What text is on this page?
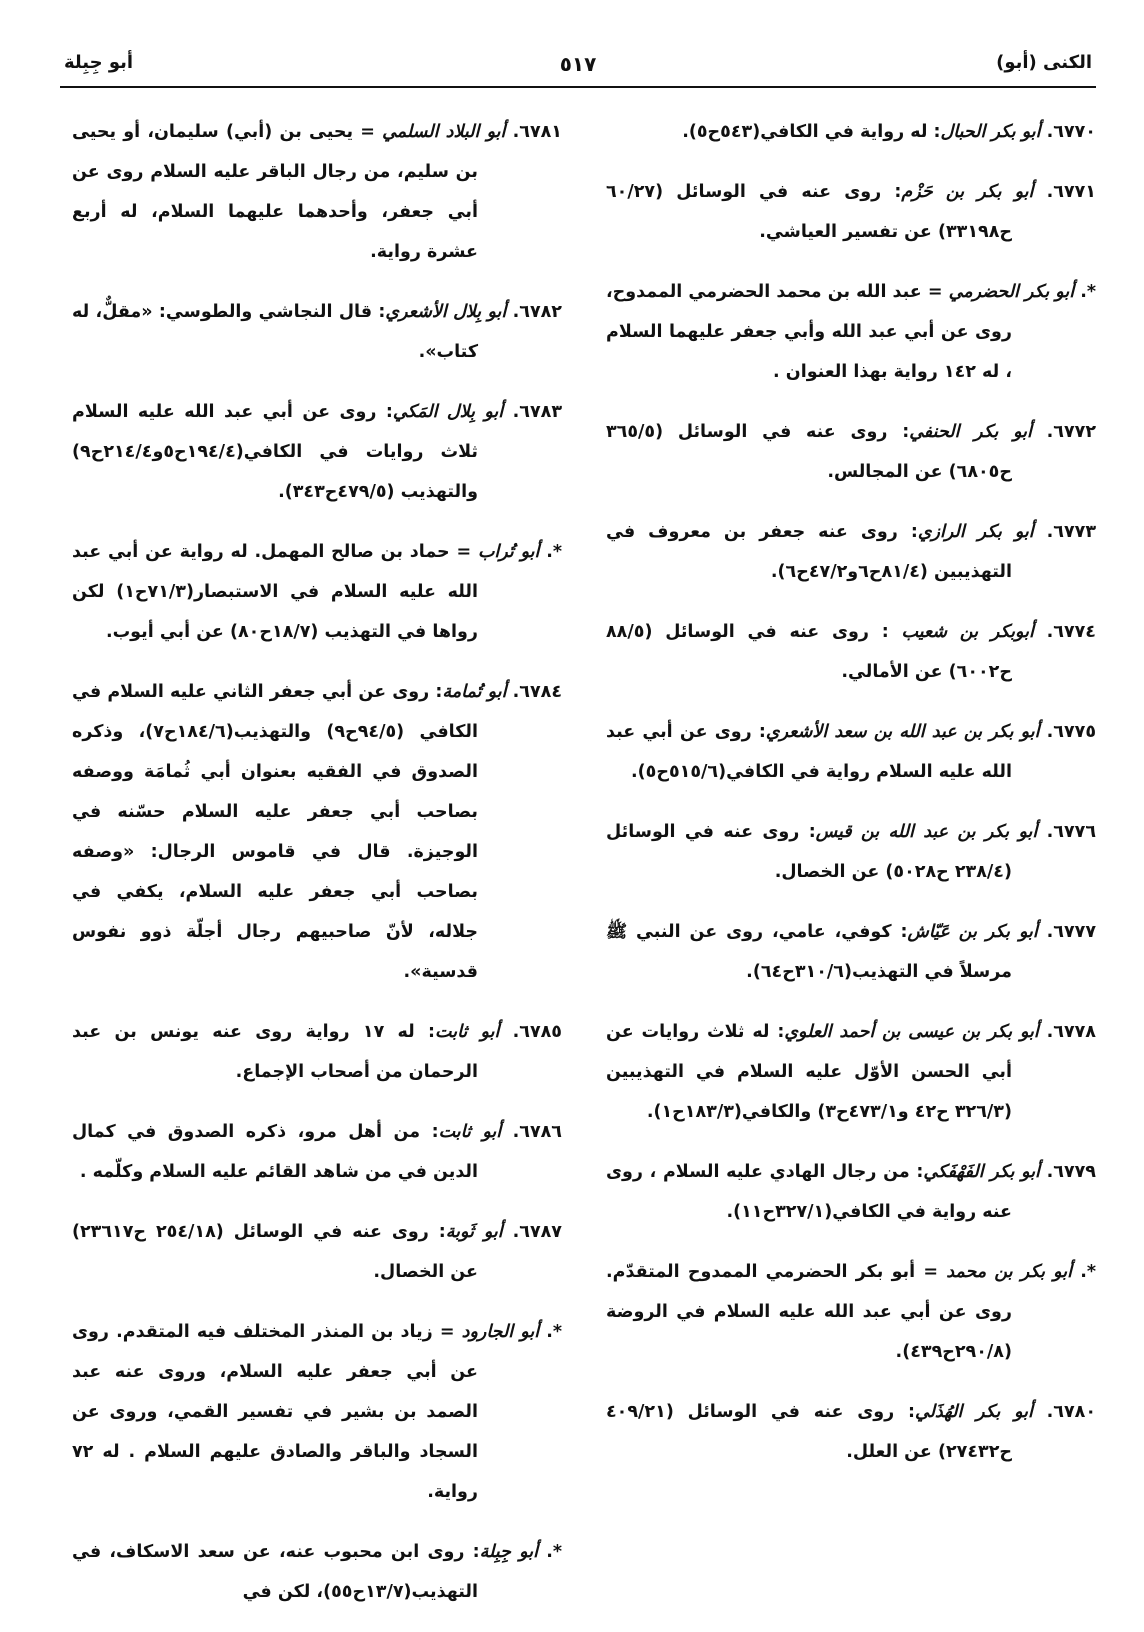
الكنى (أبو)
٥١٧
أبو جِبِلة
٦٧٧٠. أبو بكر الحبال: له رواية في الكافي(٥٤٣ح٥).
٦٧٧١. أبو بكر بن حَزْم: روى عنه في الوسائل (٦٠/٢٧ ح٣٣١٩٨) عن تفسير العياشي.
*. أبو بكر الحضرمي = عبد الله بن محمد الحضرمي الممدوح، روى عن أبي عبد الله وأبي جعفر عليهما السلام ، له ١٤٢ رواية بهذا العنوان .
٦٧٧٢. أبو بكر الحنفي: روى عنه في الوسائل (٣٦٥/٥ ح٦٨٠٥) عن المجالس.
٦٧٧٣. أبو بكر الرازي: روى عنه جعفر بن معروف في التهذيبين (٨١/٤ح٦و٤٧/٢ح٦).
٦٧٧٤. أبوبكر بن شعيب : روى عنه في الوسائل (٨٨/٥ ح٦٠٠٢) عن الأمالي.
٦٧٧٥. أبو بكر بن عبد الله بن سعد الأشعري: روى عن أبي عبد الله عليه السلام رواية في الكافي(٥١٥/٦ح٥).
٦٧٧٦. أبو بكر بن عبد الله بن قيس: روى عنه في الوسائل (٢٣٨/٤ ح٥٠٢٨) عن الخصال.
٦٧٧٧. أبو بكر بن عَيّاش: كوفي، عامي، روى عن النبي ﷺ مرسلاً في التهذيب(٣١٠/٦ح٦٤).
٦٧٧٨. أبو بكر بن عيسى بن أحمد العلوي: له ثلاث روايات عن أبي الحسن الأوّل عليه السلام في التهذيبين (٣٢٦/٣ ح٤٢ و٤٧٣/١ح٣) والكافي(١٨٣/٣ح١).
٦٧٧٩. أبو بكر الفَهْفَكي: من رجال الهادي عليه السلام ، روى عنه رواية في الكافي(٣٢٧/١ح١١).
*. أبو بكر بن محمد = أبو بكر الحضرمي الممدوح المتقدّم. روى عن أبي عبد الله عليه السلام في الروضة (٢٩٠/٨ح٤٣٩).
٦٧٨٠. أبو بكر الهُذَلي: روى عنه في الوسائل (٤٠٩/٢١ ح٢٧٤٣٢) عن العلل.
٦٧٨١. أبو البلاد السلمي = يحيى بن (أبي) سليمان، أو يحيى بن سليم، من رجال الباقر عليه السلام روى عن أبي جعفر، وأحدهما عليهما السلام، له أربع عشرة رواية.
٦٧٨٢. أبو بِلال الأشعري: قال النجاشي والطوسي: «مقلٌّ، له كتاب».
٦٧٨٣. أبو بِلال المَكي: روى عن أبي عبد الله عليه السلام ثلاث روايات في الكافي(١٩٤/٤ح٥و٢١٤/٤ح٩) والتهذيب (٤٧٩/٥ح٣٤٣).
*. أبو تُراب = حماد بن صالح المهمل. له رواية عن أبي عبد الله عليه السلام في الاستبصار(٧١/٣ح١) لكن رواها في التهذيب (١٨/٧ح٨٠) عن أبي أيوب.
٦٧٨٤. أبو تُمامة: روى عن أبي جعفر الثاني عليه السلام في الكافي (٩٤/٥ح٩) والتهذيب(١٨٤/٦ح٧)، وذكره الصدوق في الفقيه بعنوان أبي ثُمامَة ووصفه بصاحب أبي جعفر عليه السلام حسّنه في الوجيزة. قال في قاموس الرجال: «وصفه بصاحب أبي جعفر عليه السلام، يكفي في جلاله، لأنّ صاحبيهم رجال أجلّة ذوو نفوس قدسية».
٦٧٨٥. أبو ثابت: له ١٧ رواية روى عنه يونس بن عبد الرحمان من أصحاب الإجماع.
٦٧٨٦. أبو ثابت: من أهل مرو، ذكره الصدوق في كمال الدين في من شاهد القائم عليه السلام وكلّمه .
٦٧٨٧. أبو ثَوبة: روى عنه في الوسائل (٢٥٤/١٨ ح٢٣٦١٧) عن الخصال.
*. أبو الجارود = زياد بن المنذر المختلف فيه المتقدم. روى عن أبي جعفر عليه السلام، وروى عنه عبد الصمد بن بشير في تفسير القمي، وروى عن السجاد والباقر والصادق عليهم السلام . له ٧٢ رواية.
*. أبو جِبِلة: روى ابن محبوب عنه، عن سعد الاسكاف، في التهذيب(١٣/٧ح٥٥)، لكن في
